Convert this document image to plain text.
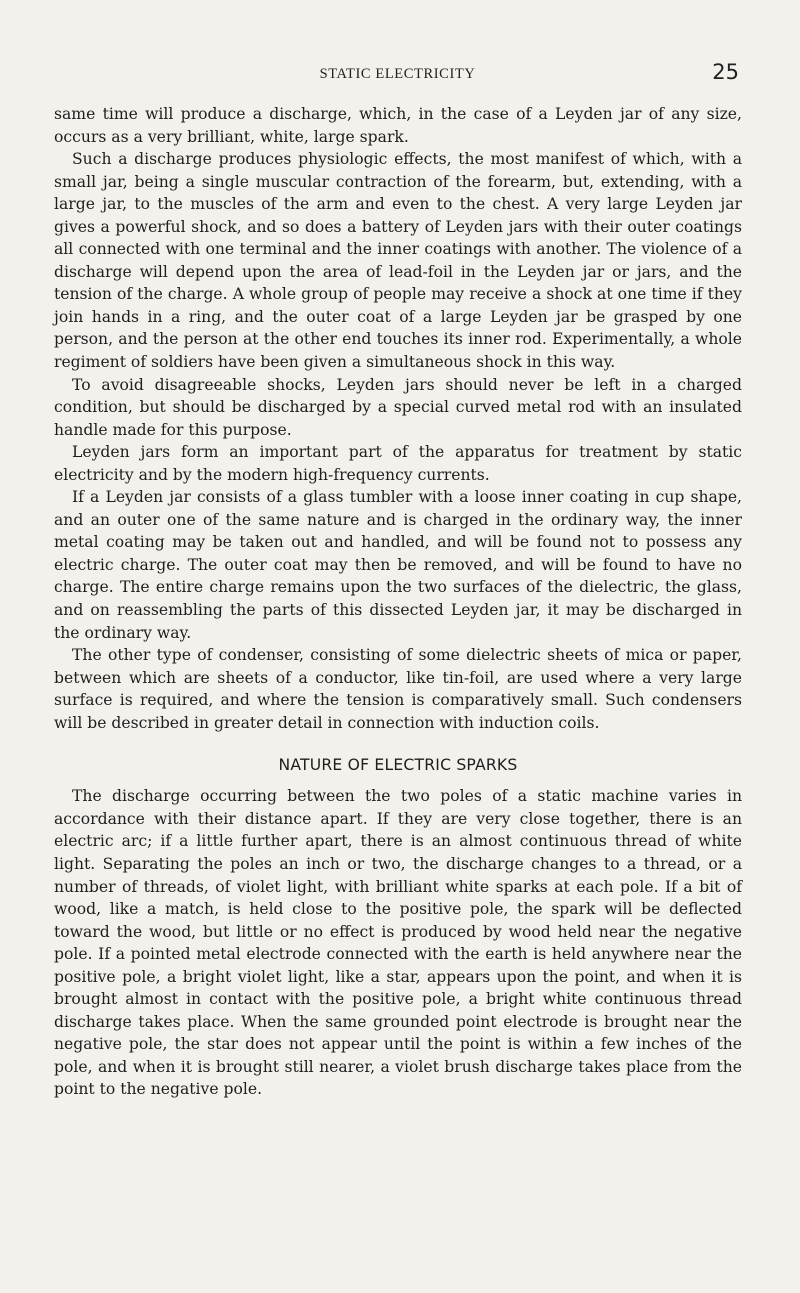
STATIC ELECTRICITY	25

same time will produce a discharge, which, in the case of a Leyden jar of any size, occurs as a very brilliant, white, large spark.

Such a discharge produces physiologic effects, the most manifest of which, with a small jar, being a single muscular contraction of the forearm, but, extending, with a large jar, to the muscles of the arm and even to the chest. A very large Leyden jar gives a powerful shock, and so does a battery of Leyden jars with their outer coatings all connected with one terminal and the inner coatings with another. The violence of a discharge will depend upon the area of lead-foil in the Leyden jar or jars, and the tension of the charge. A whole group of people may receive a shock at one time if they join hands in a ring, and the outer coat of a large Leyden jar be grasped by one person, and the person at the other end touches its inner rod. Experimentally, a whole regiment of soldiers have been given a simultaneous shock in this way.

To avoid disagreeable shocks, Leyden jars should never be left in a charged condition, but should be discharged by a special curved metal rod with an insulated handle made for this purpose.

Leyden jars form an important part of the apparatus for treatment by static electricity and by the modern high-frequency currents.

If a Leyden jar consists of a glass tumbler with a loose inner coating in cup shape, and an outer one of the same nature and is charged in the ordinary way, the inner metal coating may be taken out and handled, and will be found not to possess any electric charge. The outer coat may then be removed, and will be found to have no charge. The entire charge remains upon the two surfaces of the dielectric, the glass, and on reassembling the parts of this dissected Leyden jar, it may be discharged in the ordinary way.

The other type of condenser, consisting of some dielectric sheets of mica or paper, between which are sheets of a conductor, like tin-foil, are used where a very large surface is required, and where the tension is comparatively small. Such condensers will be described in greater detail in connection with induction coils.

NATURE OF ELECTRIC SPARKS

The discharge occurring between the two poles of a static machine varies in accordance with their distance apart. If they are very close together, there is an electric arc; if a little further apart, there is an almost continuous thread of white light. Separating the poles an inch or two, the discharge changes to a thread, or a number of threads, of violet light, with brilliant white sparks at each pole. If a bit of wood, like a match, is held close to the positive pole, the spark will be deflected toward the wood, but little or no effect is produced by wood held near the negative pole. If a pointed metal electrode connected with the earth is held anywhere near the positive pole, a bright violet light, like a star, appears upon the point, and when it is brought almost in contact with the positive pole, a bright white continuous thread discharge takes place. When the same grounded point electrode is brought near the negative pole, the star does not appear until the point is within a few inches of the pole, and when it is brought still nearer, a violet brush discharge takes place from the point to the negative pole.
